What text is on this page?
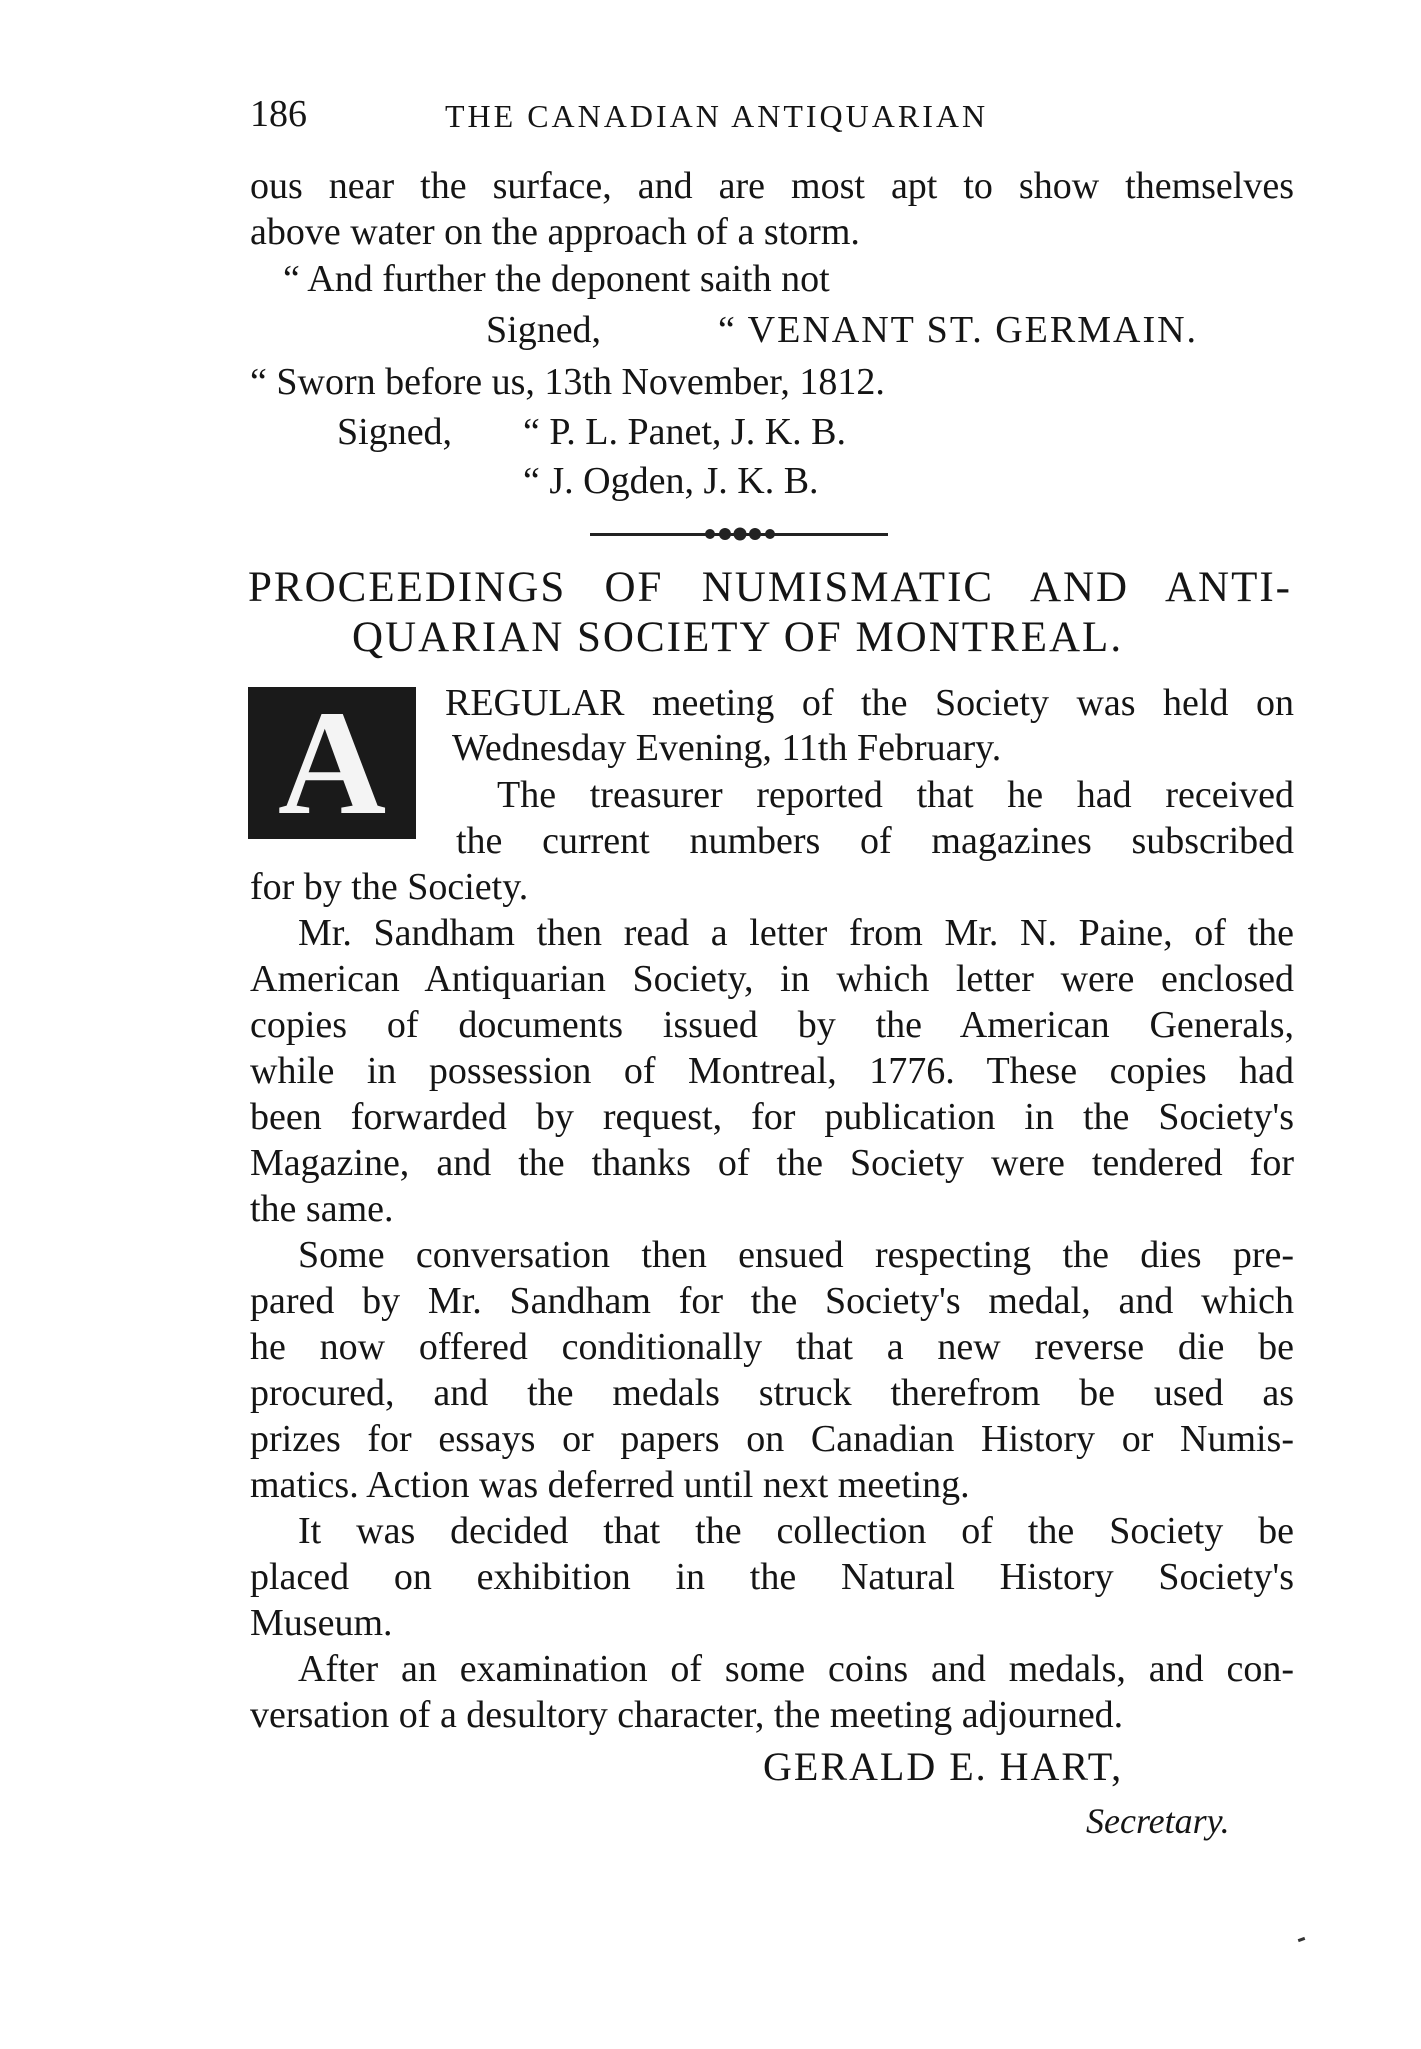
186	THE CANADIAN ANTIQUARIAN
ous near the surface, and are most apt to show themselves
above water on the approach of a storm.
“ And further the deponent saith not
Signed,	“ VENANT ST. GERMAIN.
“ Sworn before us, 13th November, 1812.
Signed, “ P. L. Panet, J. K. B.
“ J. Ogden, J. K. B.
PROCEEDINGS OF NUMISMATIC AND ANTI-
QUARIAN SOCIETY OF MONTREAL.
A	REGULAR meeting of the Society was held on
Wednesday Evening, 11th February.
The treasurer reported that he had received
the current numbers of magazines subscribed
for by the Society.
Mr. Sandham then read a letter from Mr. N. Paine, of the
American Antiquarian Society, in which letter were enclosed
copies of documents issued by the American Generals,
while in possession of Montreal, 1776. These copies had
been forwarded by request, for publication in the Society's
Magazine, and the thanks of the Society were tendered for
the same.
Some conversation then ensued respecting the dies pre-
pared by Mr. Sandham for the Society's medal, and which
he now offered conditionally that a new reverse die be
procured, and the medals struck therefrom be used as
prizes for essays or papers on Canadian History or Numis-
matics. Action was deferred until next meeting.
It was decided that the collection of the Society be
placed on exhibition in the Natural History Society's
Museum.
After an examination of some coins and medals, and con-
versation of a desultory character, the meeting adjourned.
GERALD E. HART,
Secretary.
